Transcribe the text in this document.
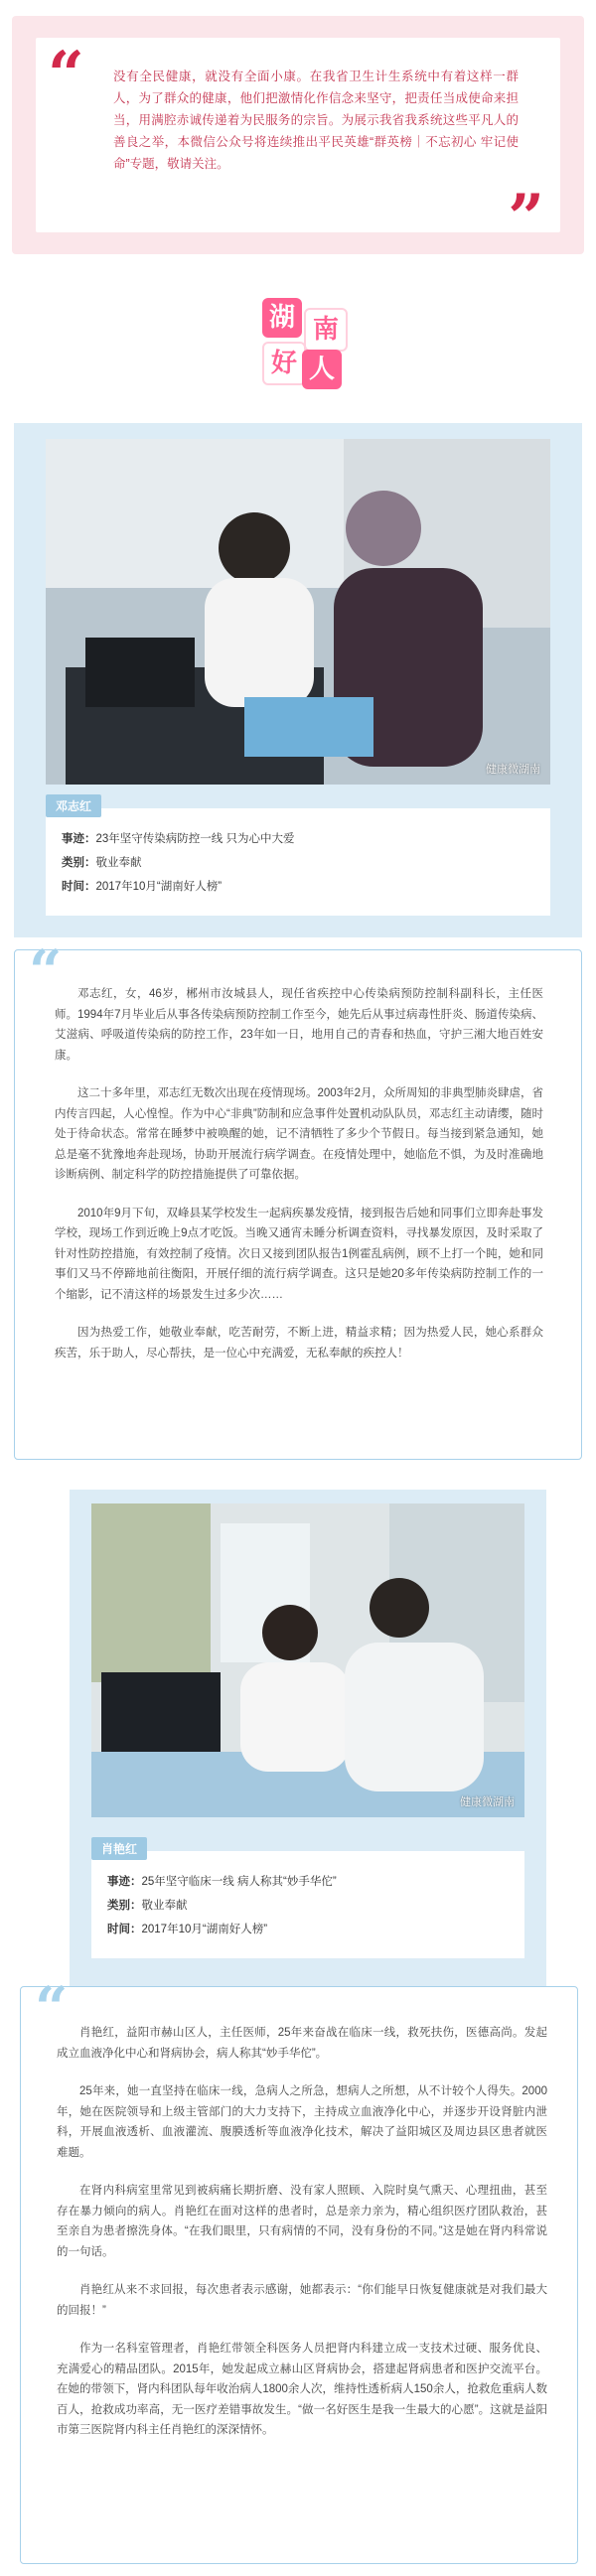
“ 没有全民健康，就没有全面小康。在我省卫生计生系统中有着这样一群人，为了群众的健康，他们把激情化作信念来坚守，把责任当成使命来担当，用满腔赤诚传递着为民服务的宗旨。为展示我省我系统这些平凡人的善良之举，本微信公众号将连续推出平民英雄“群英榜｜不忘初心 牢记使命”专题，敬请关注。
”
湖 南
好 人
健康微湖南
邓志红
事迹：23年坚守传染病防控一线 只为心中大爱
类别：敬业奉献
时间：2017年10月“湖南好人榜”
“	邓志红，女，46岁，郴州市汝城县人，现任省疾控中心传染病预防控制科副科长，主任医师。1994年7月毕业后从事各传染病预防控制工作至今，她先后从事过病毒性肝炎、肠道传染病、艾滋病、呼吸道传染病的防控工作，23年如一日，地用自己的青春和热血，守护三湘大地百姓安康。

这二十多年里，邓志红无数次出现在疫情现场。2003年2月，众所周知的非典型肺炎肆虐，省内传言四起，人心惶惶。作为中心“非典”防制和应急事件处置机动队队员，邓志红主动请缨，随时处于待命状态。常常在睡梦中被唤醒的她，记不清牺牲了多少个节假日。每当接到紧急通知，她总是毫不犹豫地奔赴现场，协助开展流行病学调查。在疫情处理中，她临危不惧，为及时准确地诊断病例、制定科学的防控措施提供了可靠依据。

2010年9月下旬，双峰县某学校发生一起病疾暴发疫情，接到报告后她和同事们立即奔赴事发学校，现场工作到近晚上9点才吃饭。当晚又通宵未睡分析调查资料，寻找暴发原因，及时采取了针对性防控措施，有效控制了疫情。次日又接到团队报告1例霍乱病例，顾不上打一个盹，她和同事们又马不停蹄地前往衡阳，开展仔细的流行病学调查。这只是她20多年传染病防控制工作的一个缩影，记不清这样的场景发生过多少次……

因为热爱工作，她敬业奉献，吃苦耐劳，不断上进，精益求精；因为热爱人民，她心系群众疾苦，乐于助人，尽心帮扶，是一位心中充满爱，无私奉献的疾控人！

健康微湖南
肖艳红
事迹：25年坚守临床一线 病人称其“妙手华佗”
类别：敬业奉献
时间：2017年10月“湖南好人榜”
“	肖艳红，益阳市赫山区人，主任医师，25年来奋战在临床一线，救死扶伤，医德高尚。发起成立血液净化中心和肾病协会，病人称其“妙手华佗”。

25年来，她一直坚持在临床一线，急病人之所急，想病人之所想，从不计较个人得失。2000年，她在医院领导和上级主管部门的大力支持下，主持成立血液净化中心，并逐步开设肾脏内泄科，开展血液透析、血液灌流、腹膜透析等血液净化技术，解决了益阳城区及周边县区患者就医难题。

在肾内科病室里常见到被病痛长期折磨、没有家人照顾、入院时臭气熏天、心理扭曲，甚至存在暴力倾向的病人。肖艳红在面对这样的患者时，总是亲力亲为，精心组织医疗团队救治，甚至亲自为患者擦洗身体。“在我们眼里，只有病情的不同，没有身份的不同。”这是她在肾内科常说的一句话。

肖艳红从来不求回报，每次患者表示感谢，她都表示：“你们能早日恢复健康就是对我们最大的回报！”

作为一名科室管理者，肖艳红带领全科医务人员把肾内科建立成一支技术过硬、服务优良、充满爱心的精品团队。2015年，她发起成立赫山区肾病协会，搭建起肾病患者和医护交流平台。在她的带领下，肾内科团队每年收治病人1800余人次，维持性透析病人150余人，抢救危重病人数百人，抢救成功率高，无一医疗差错事故发生。“做一名好医生是我一生最大的心愿”。这就是益阳市第三医院肾内科主任肖艳红的深深情怀。
